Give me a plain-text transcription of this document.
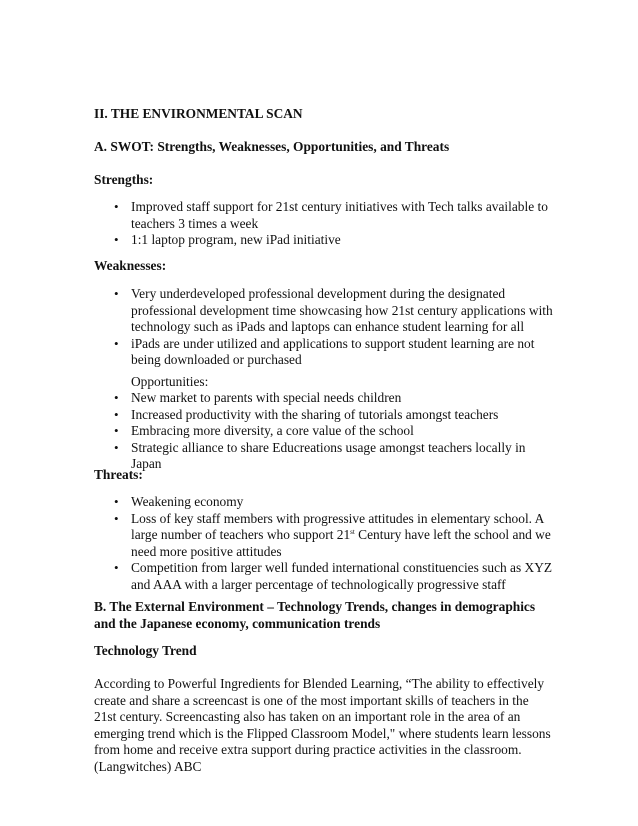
II. THE ENVIRONMENTAL SCAN
A. SWOT: Strengths, Weaknesses, Opportunities, and Threats
Strengths:
• Improved staff support for 21st century initiatives with Tech talks available to teachers 3 times a week
• 1:1 laptop program, new iPad initiative
Weaknesses:
• Very underdeveloped professional development during the designated professional development time showcasing how 21st century applications with technology such as iPads and laptops can enhance student learning for all
• iPads are under utilized and applications to support student learning are not being downloaded or purchased
Opportunities:
• New market to parents with special needs children
• Increased productivity with the sharing of tutorials amongst teachers
• Embracing more diversity, a core value of the school
• Strategic alliance to share Educreations usage amongst teachers locally in Japan
Threats:
• Weakening economy
• Loss of key staff members with progressive attitudes in elementary school. A large number of teachers who support 21st Century have left the school and we need more positive attitudes
• Competition from larger well funded international constituencies such as XYZ and AAA with a larger percentage of technologically progressive staff
B. The External Environment – Technology Trends, changes in demographics and the Japanese economy, communication trends
Technology Trend
According to Powerful Ingredients for Blended Learning, “The ability to effectively create and share a screencast is one of the most important skills of teachers in the 21st century. Screencasting also has taken on an important role in the area of an emerging trend which is the Flipped Classroom Model," where students learn lessons from home and receive extra support during practice activities in the classroom. (Langwitches) ABC
